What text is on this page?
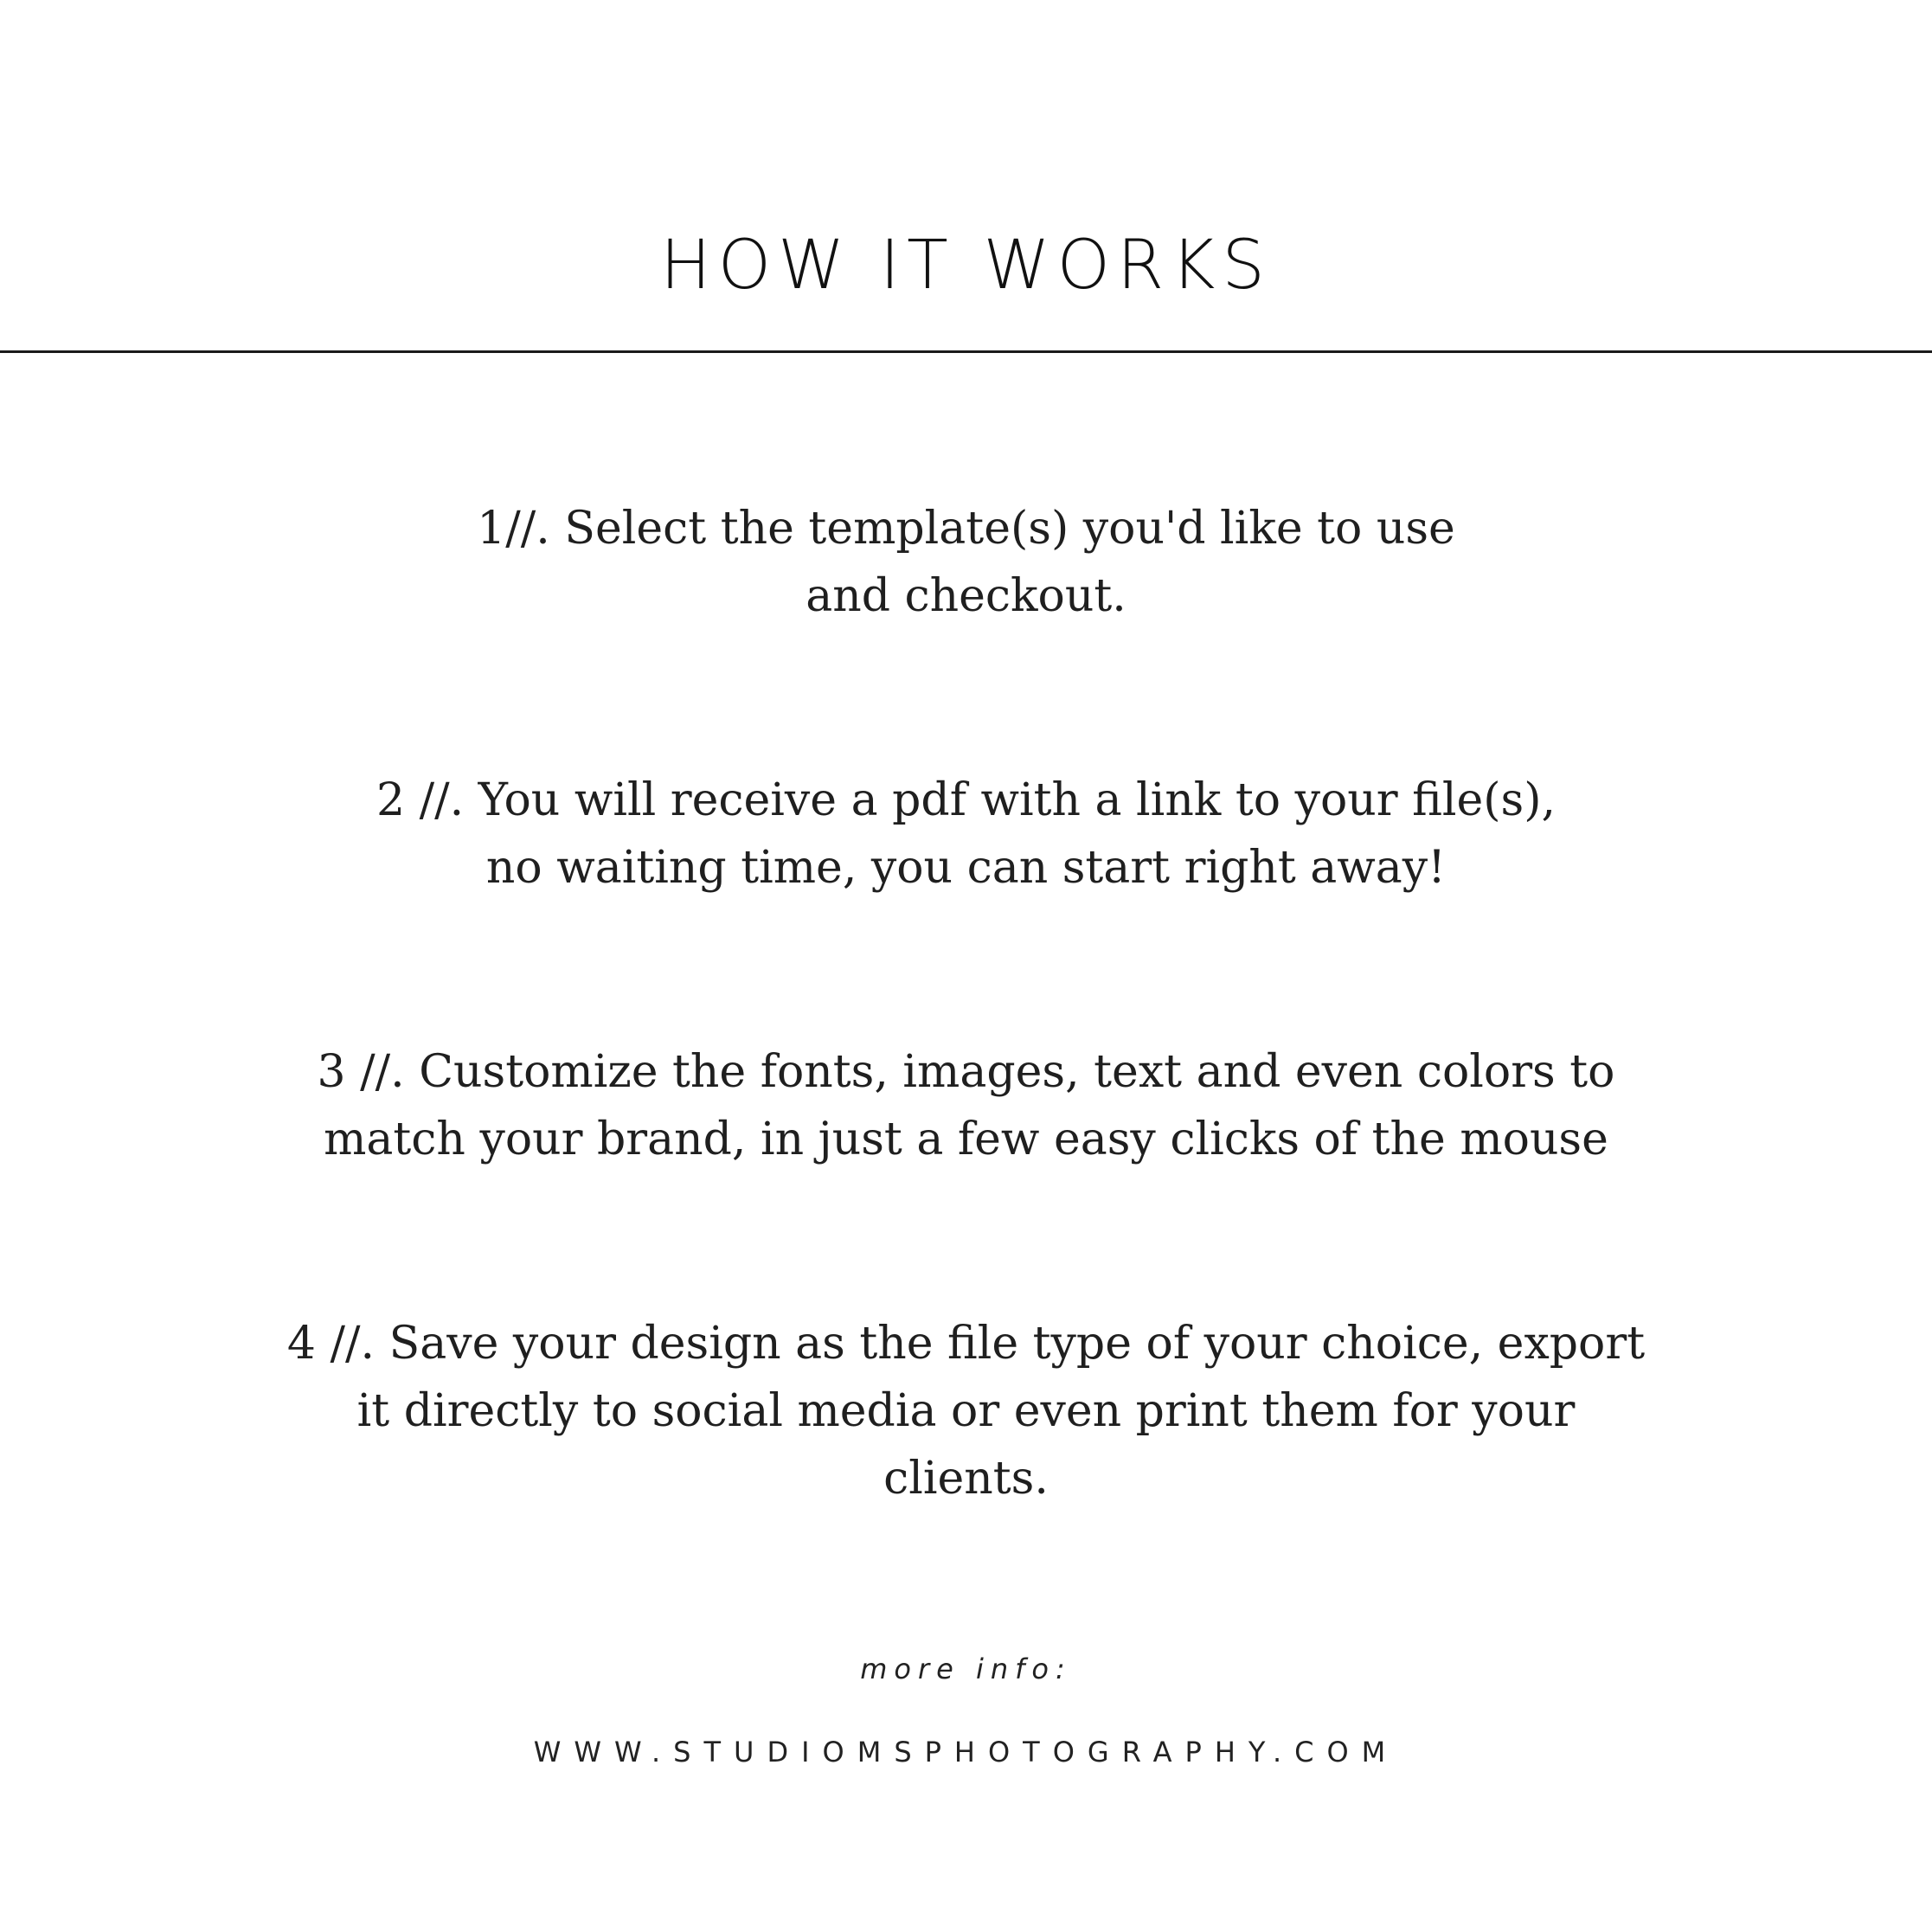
HOW IT WORKS
1//. Select the template(s) you'd like to use
and checkout.
2 //. You will receive a pdf with a link to your file(s),
no waiting time, you can start right away!
3 //. Customize the fonts, images, text and even colors to
match your brand, in just a few easy clicks of the mouse
4 //. Save your design as the file type of your choice, export
it directly to social media or even print them for your
clients.
more info:
WWW.STUDIOMSPHOTOGRAPHY.COM
